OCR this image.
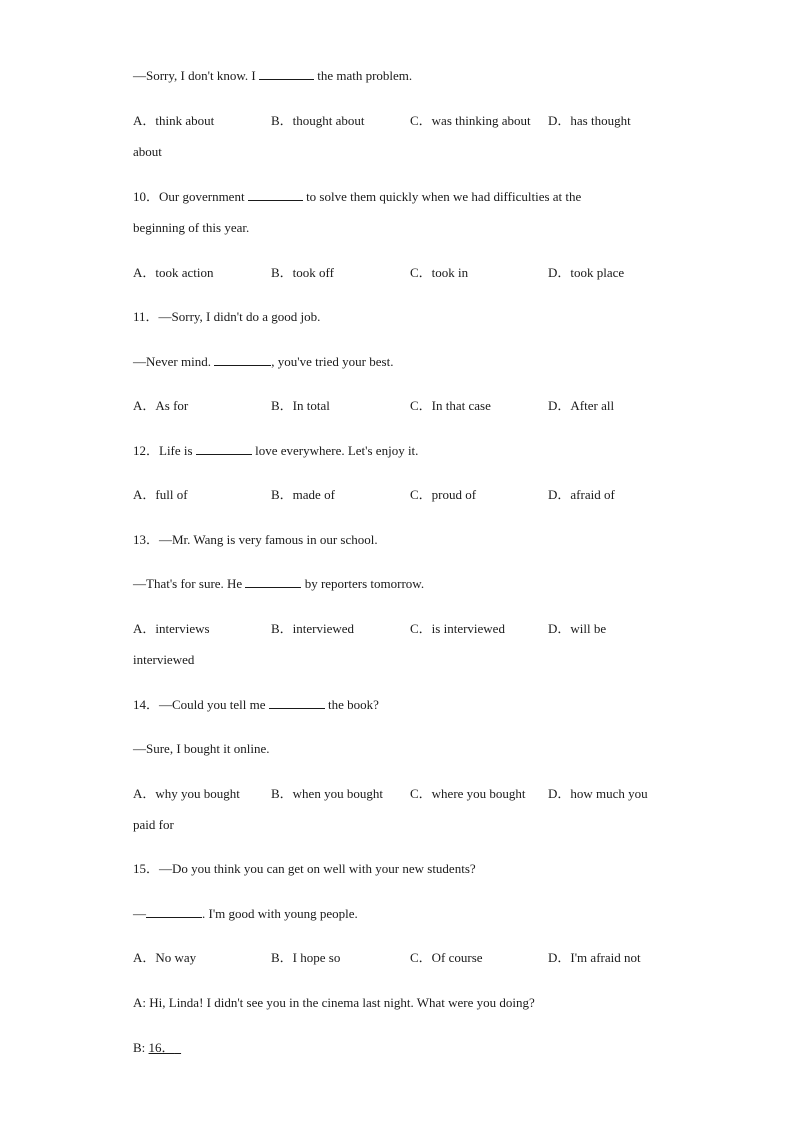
—Sorry, I don't know. I	the math problem.
A．think about	B．thought about	C．was thinking about D．has thought
about
10．Our government	to solve them quickly when we had difficulties at the
beginning of this year.
A．took action	B．took off	C．took in	D．took place
11．—Sorry, I didn't do a good job.
—Never mind.	, you've tried your best.
A．As for	B．In total	C．In that case	D．After all
12．Life is	love everywhere. Let's enjoy it.
A．full of	B．made of	C．proud of	D．afraid of
13．—Mr. Wang is very famous in our school.
—That's for sure. He	by reporters tomorrow.
A．interviews	B．interviewed	C．is interviewed	D．will be
interviewed
14．—Could you tell me	the book?
—Sure, I bought it online.
A．why you bought B．when you bought C．where you bought D．how much you
paid for
15．—Do you think you can get on well with your new students?
—	. I'm good with young people.
A．No way	B．I hope so	C．Of course	D．I'm afraid not
A: Hi, Linda! I didn't see you in the cinema last night. What were you doing?
B: 16．
